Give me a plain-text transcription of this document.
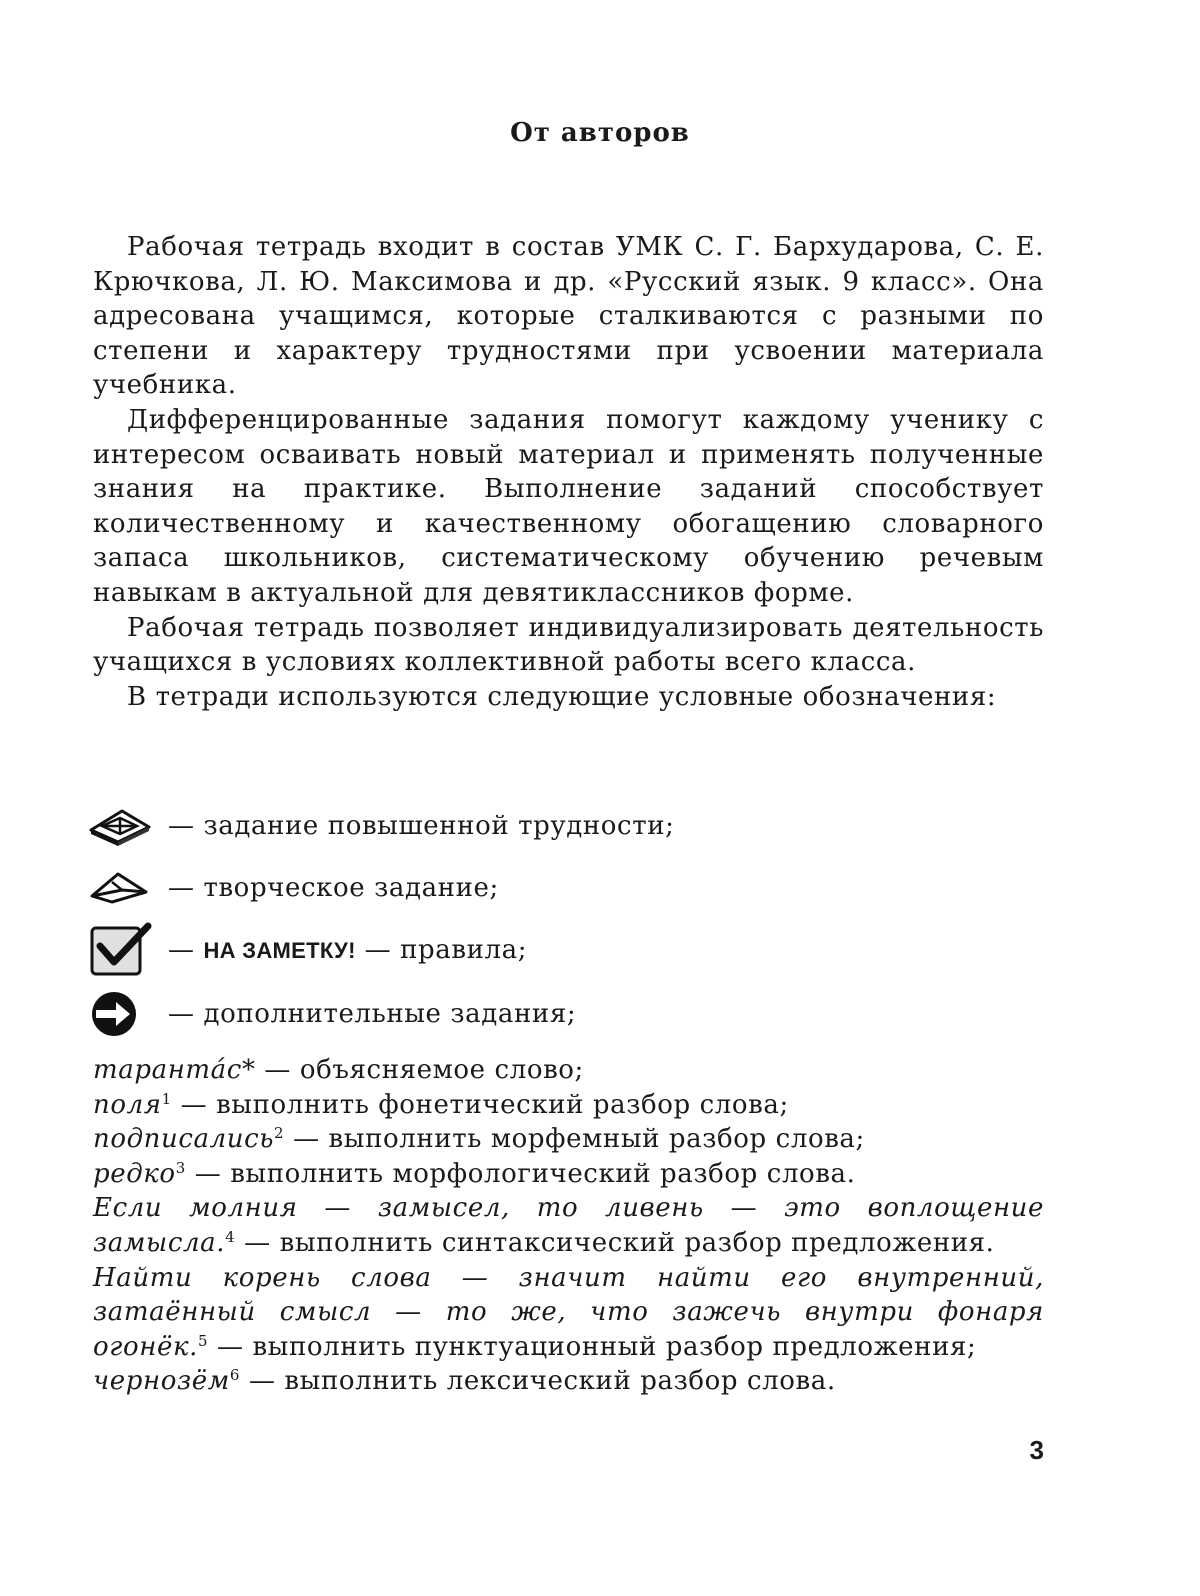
От авторов

Рабочая тетрадь входит в состав УМК С. Г. Бархударова, С. Е. Крючкова, Л. Ю. Максимова и др. «Русский язык. 9 класс». Она адресована учащимся, которые сталкиваются с разными по степени и характеру трудностями при усвоении материала учебника.

Дифференцированные задания помогут каждому ученику с интересом осваивать новый материал и применять полученные знания на практике. Выполнение заданий способствует количественному и качественному обогащению словарного запаса школьников, систематическому обучению речевым навыкам в актуальной для девятиклассников форме.

Рабочая тетрадь позволяет индивидуализировать деятельность учащихся в условиях коллективной работы всего класса.

В тетради используются следующие условные обозначения:

— задание повышенной трудности;
— творческое задание;
— НА ЗАМЕТКУ! — правила;
— дополнительные задания;

тарантáс* — объясняемое слово;

поля$^1$ — выполнить фонетический разбор слова;

подписались$^2$ — выполнить морфемный разбор слова;

редко$^3$ — выполнить морфологический разбор слова.

Если молния — замысел, то ливень — это воплощение замысла.$^4$ — выполнить синтаксический разбор предложения.

Найти корень слова — значит найти его внутренний, затаённый смысл — то же, что зажечь внутри фонаря огонёк.$^5$ — выполнить пунктуационный разбор предложения;

чернозём$^6$ — выполнить лексический разбор слова.

3
